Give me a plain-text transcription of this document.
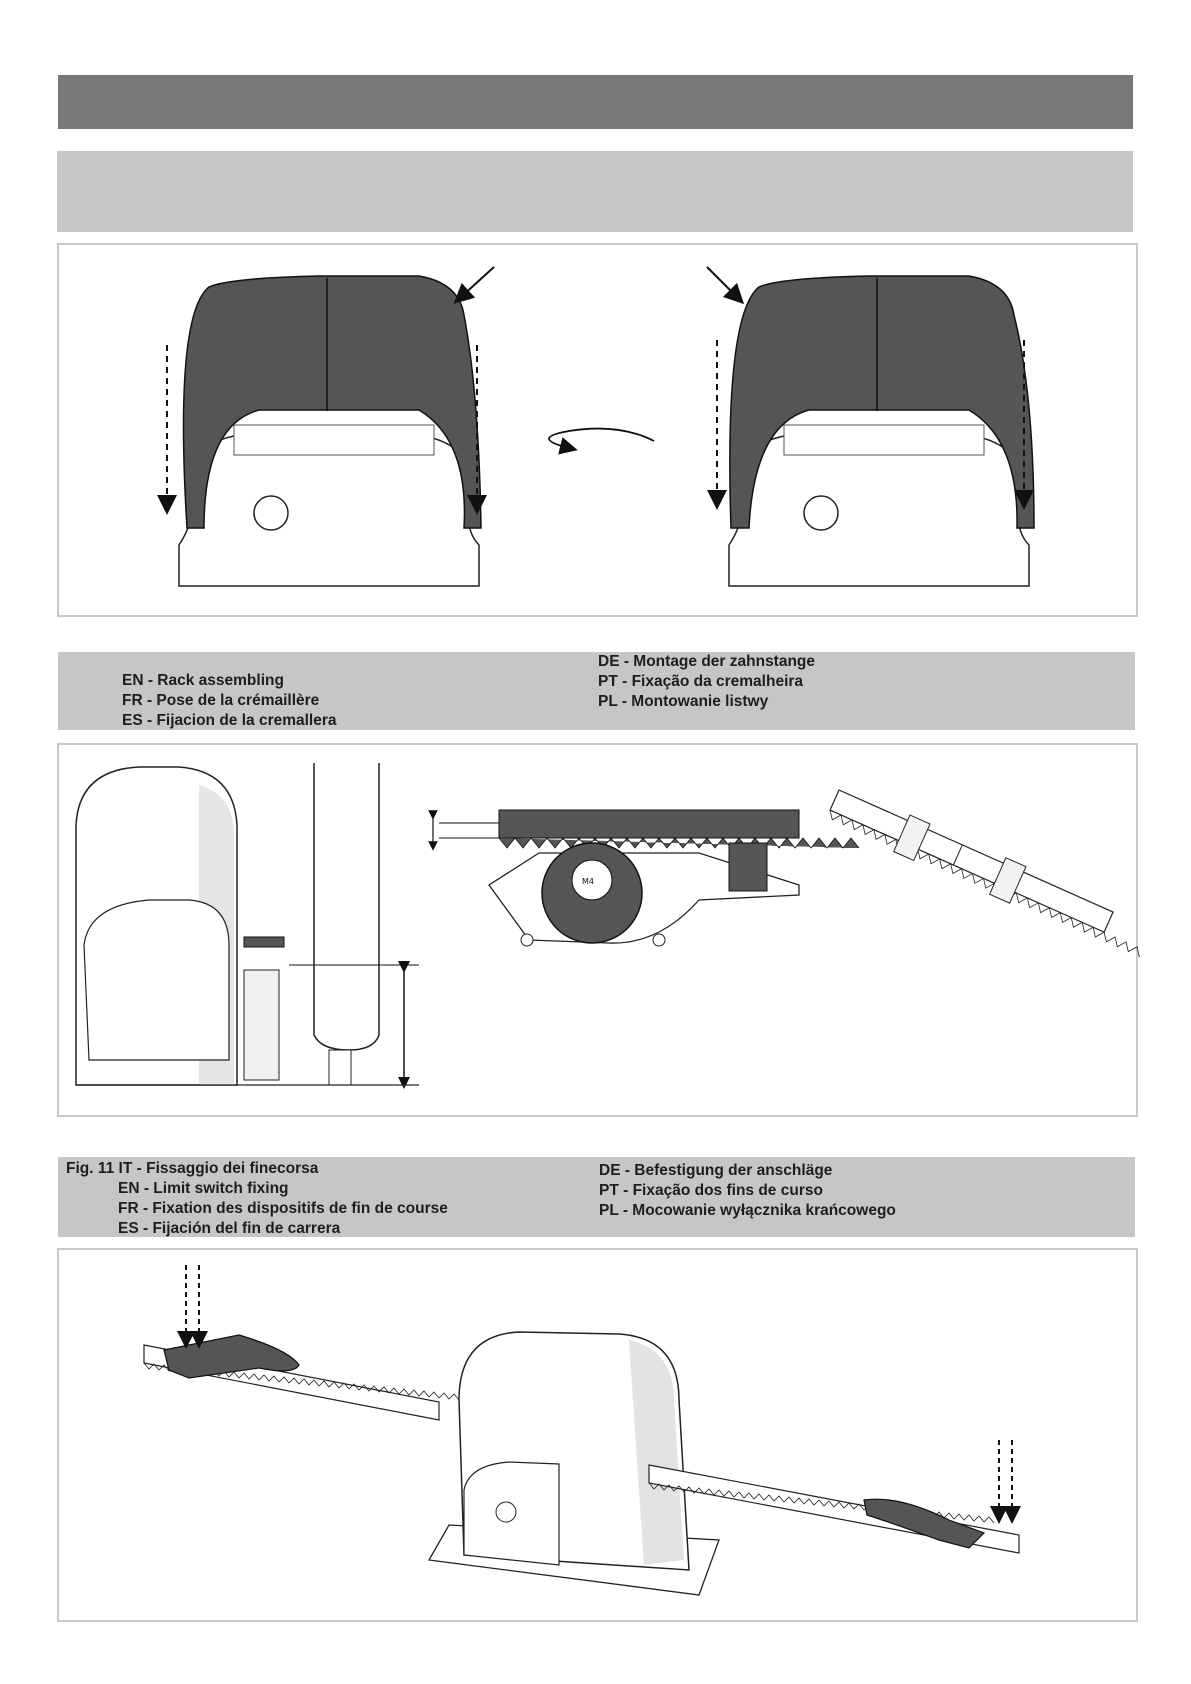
EN - Rack assembling
FR - Pose de la crémaillère
ES - Fijacion de la cremallera
DE - Montage der zahnstange
PT - Fixação da cremalheira
PL - Montowanie listwy
M4
Fig. 11 IT - Fissaggio dei finecorsa
EN - Limit switch fixing
FR - Fixation des dispositifs de fin de course
ES - Fijación del fin de carrera
DE - Befestigung der anschläge
PT - Fixação dos fins de curso
PL - Mocowanie wyłącznika krańcowego
